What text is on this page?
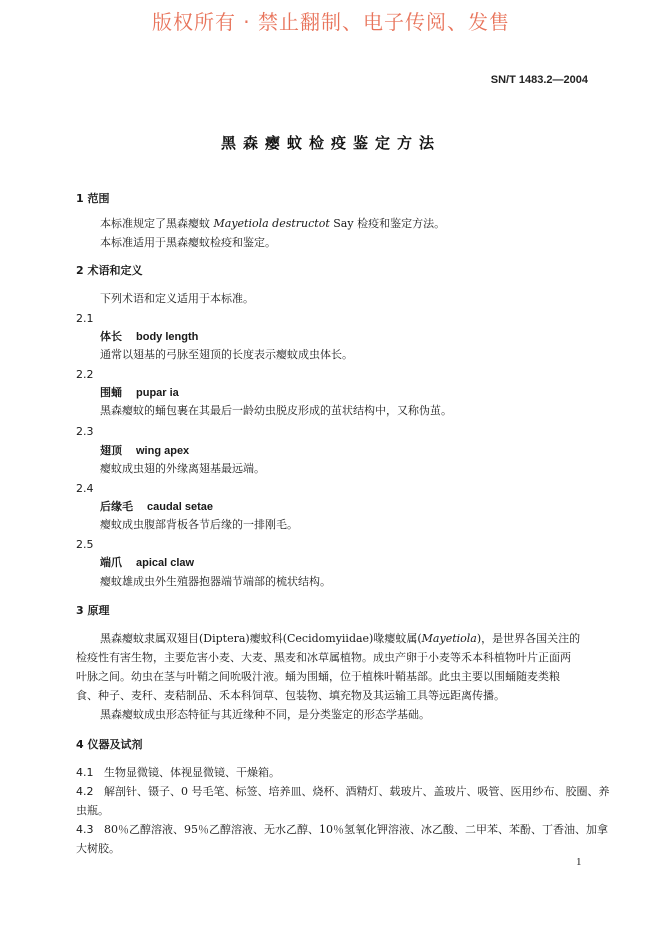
版权所有 · 禁止翻制、电子传阅、发售
SN/T 1483.2—2004
黑森瘿蚊检疫鉴定方法
1 范围
本标准规定了黑森瘿蚊 Mayetiola destructot Say 检疫和鉴定方法。
本标准适用于黑森瘿蚊检疫和鉴定。
2 术语和定义
下列术语和定义适用于本标准。
2.1
体长 body length
通常以翅基的弓脉至翅顶的长度表示瘿蚊成虫体长。
2.2
围蛹 pupar ia
黑森瘿蚊的蛹包裹在其最后一龄幼虫脱皮形成的茧状结构中，又称伪茧。
2.3
翅顶 wing apex
瘿蚊成虫翅的外缘离翅基最远端。
2.4
后缘毛 caudal setae
瘿蚊成虫腹部背板各节后缘的一排刚毛。
2.5
端爪 apical claw
瘿蚊雄成虫外生殖器抱器端节端部的梳状结构。
3 原理
黑森瘿蚊隶属双翅目(Diptera)瘿蚊科(Cecidomyiidae)喙瘿蚊属(Mayetiola)，是世界各国关注的
检疫性有害生物，主要危害小麦、大麦、黑麦和冰草属植物。成虫产卵于小麦等禾本科植物叶片正面两
叶脉之间。幼虫在茎与叶鞘之间吮吸汁液。蛹为围蛹，位于植株叶鞘基部。此虫主要以围蛹随麦类粮
食、种子、麦秆、麦秸制品、禾本科饲草、包装物、填充物及其运输工具等远距离传播。
黑森瘿蚊成虫形态特征与其近缘种不同，是分类鉴定的形态学基础。
4 仪器及试剂
4.1 生物显微镜、体视显微镜、干燥箱。
4.2 解剖针、镊子、0 号毛笔、标签、培养皿、烧杯、酒精灯、载玻片、盖玻片、吸管、医用纱布、胶圈、养
虫瓶。
4.3 80％乙醇溶液、95％乙醇溶液、无水乙醇、10％氢氧化钾溶液、冰乙酸、二甲苯、苯酚、丁香油、加拿
大树胶。
1
